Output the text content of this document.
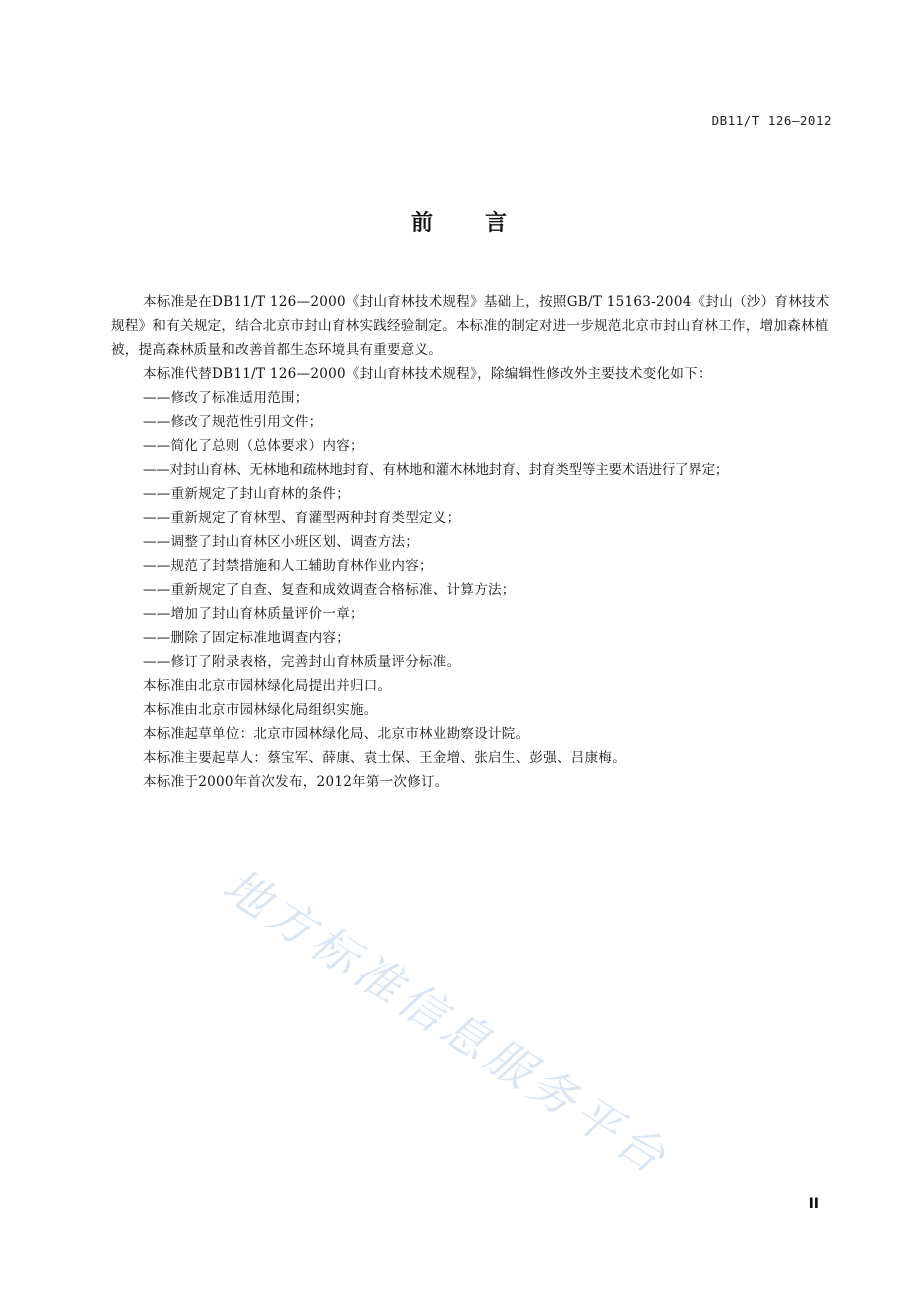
DB11/T 126—2012
前 言

本标准是在DB11/T 126—2000《封山育林技术规程》基础上，按照GB/T 15163-2004《封山（沙）育林技术规程》和有关规定，结合北京市封山育林实践经验制定。本标准的制定对进一步规范北京市封山育林工作，增加森林植被，提高森林质量和改善首都生态环境具有重要意义。

本标准代替DB11/T 126—2000《封山育林技术规程》，除编辑性修改外主要技术变化如下：

——修改了标准适用范围；

——修改了规范性引用文件；

——简化了总则（总体要求）内容；

——对封山育林、无林地和疏林地封育、有林地和灌木林地封育、封育类型等主要术语进行了界定；

——重新规定了封山育林的条件；

——重新规定了育林型、育灌型两种封育类型定义；

——调整了封山育林区小班区划、调查方法；

——规范了封禁措施和人工辅助育林作业内容；

——重新规定了自查、复查和成效调查合格标准、计算方法；

——增加了封山育林质量评价一章；

——删除了固定标准地调查内容；

——修订了附录表格，完善封山育林质量评分标准。

本标准由北京市园林绿化局提出并归口。

本标准由北京市园林绿化局组织实施。

本标准起草单位：北京市园林绿化局、北京市林业勘察设计院。

本标准主要起草人：蔡宝军、薛康、袁士保、王金增、张启生、彭强、吕康梅。

本标准于2000年首次发布，2012年第一次修订。

地方标准信息服务平台
II
